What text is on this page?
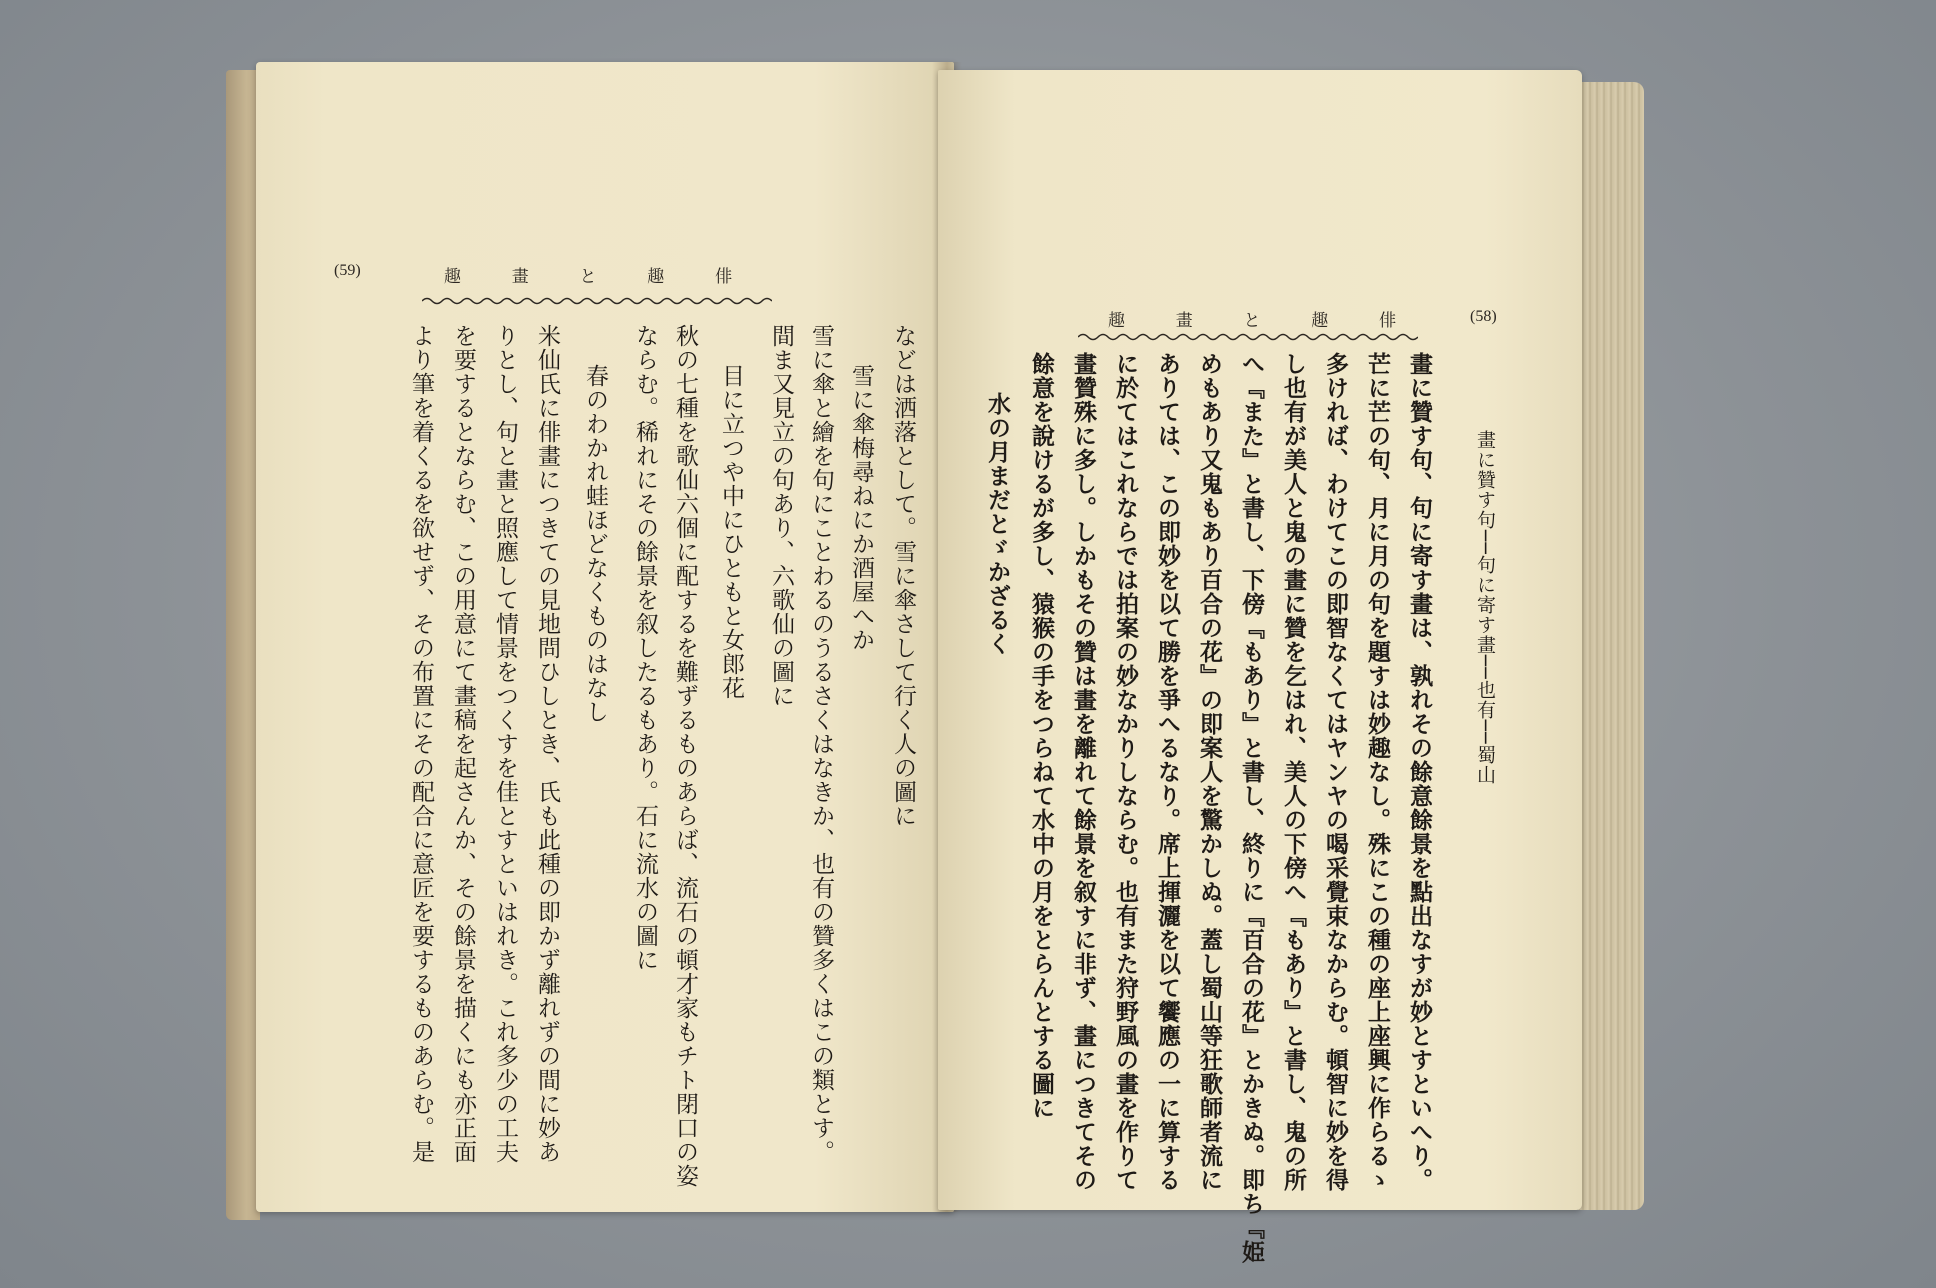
(59)	趣	畫	と	趣	俳
などは洒落として。雪に傘さして行く人の圖に
雪に傘梅尋ねにか酒屋へか
雪に傘と繪を句にことわるのうるさくはなきか、也有の贊多くはこの類とす。
間ま又見立の句あり、六歌仙の圖に
目に立つや中にひともと女郎花
秋の七種を歌仙六個に配するを難ずるものあらば、流石の頓才家もチト閉口の姿
ならむ。稀れにその餘景を叙したるもあり。石に流水の圖に
春のわかれ蛙ほどなくものはなし
米仙氏に俳畫につきての見地問ひしとき、氏も此種の即かず離れずの間に妙あ
りとし、句と畫と照應して情景をつくすを佳とすといはれき。これ多少の工夫
を要するとならむ、この用意にて畫稿を起さんか、その餘景を描くにも亦正面
より筆を着くるを欲せず、その布置にその配合に意匠を要するものあらむ。是
(58)
趣	畫	と	趣	俳
畫に贊す句──句に寄す畫──也有──蜀山
畫に贊す句、句に寄す畫は、孰れその餘意餘景を點出なすが妙とすといへり。
芒に芒の句、月に月の句を題すは妙趣なし。殊にこの種の座上座興に作らるゝ
多ければ、わけてこの即智なくてはヤンヤの喝采覺束なからむ。頓智に妙を得
し也有が美人と鬼の畫に贊を乞はれ、美人の下傍へ『もあり』と書し、鬼の所
へ『また』と書し、下傍『もあり』と書し、終りに『百合の花』とかきぬ。即ち『姫
めもあり又鬼もあり百合の花』の即案人を驚かしぬ。蓋し蜀山等狂歌師者流に
ありては、この即妙を以て勝を爭へるなり。席上揮灑を以て饗應の一に算する
に於てはこれならでは拍案の妙なかりしならむ。也有また狩野風の畫を作りて
畫贊殊に多し。しかもその贊は畫を離れて餘景を叙すに非ず、畫につきてその
餘意を說けるが多し、猿猴の手をつらねて水中の月をとらんとする圖に
水の月まだとゞかざるく
